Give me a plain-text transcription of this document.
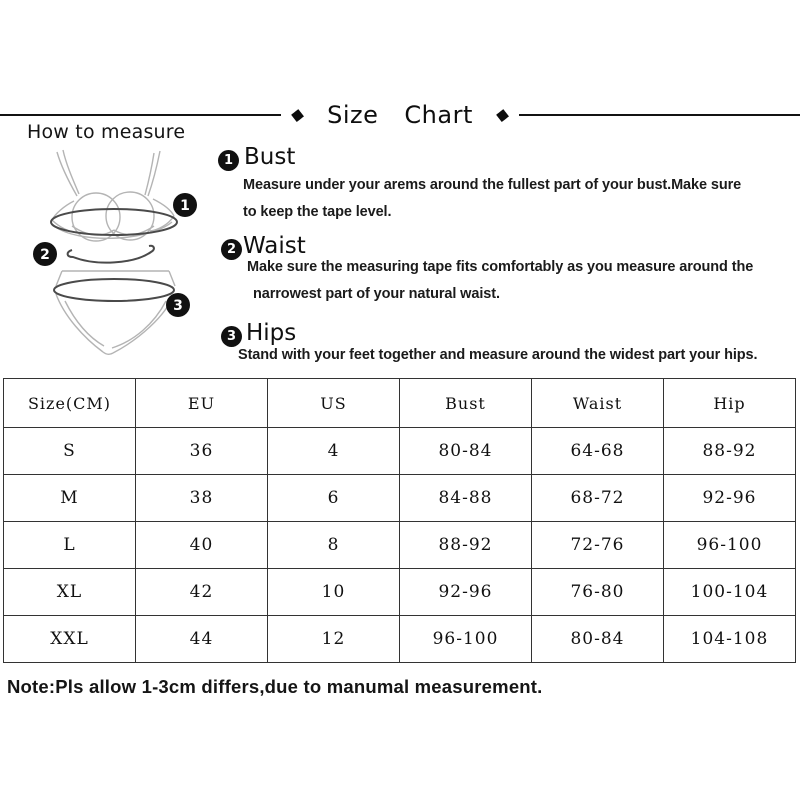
◆ Size Chart ◆
How to measure
1
2
3
1 Bust
Measure under your arems around the fullest part of your bust.Make sure
to keep the tape level.
2 Waist
Make sure the measuring tape fits comfortably as you measure around the
narrowest part of your natural waist.
3 Hips
Stand with your feet together and measure around the widest part your hips.
Size(CM)	EU	US	Bust	Waist	Hip
S	36	4	80-84	64-68	88-92
M	38	6	84-88	68-72	92-96
L	40	8	88-92	72-76	96-100
XL	42	10	92-96	76-80	100-104
XXL	44	12	96-100	80-84	104-108
Note:Pls allow 1-3cm differs,due to manumal measurement.
